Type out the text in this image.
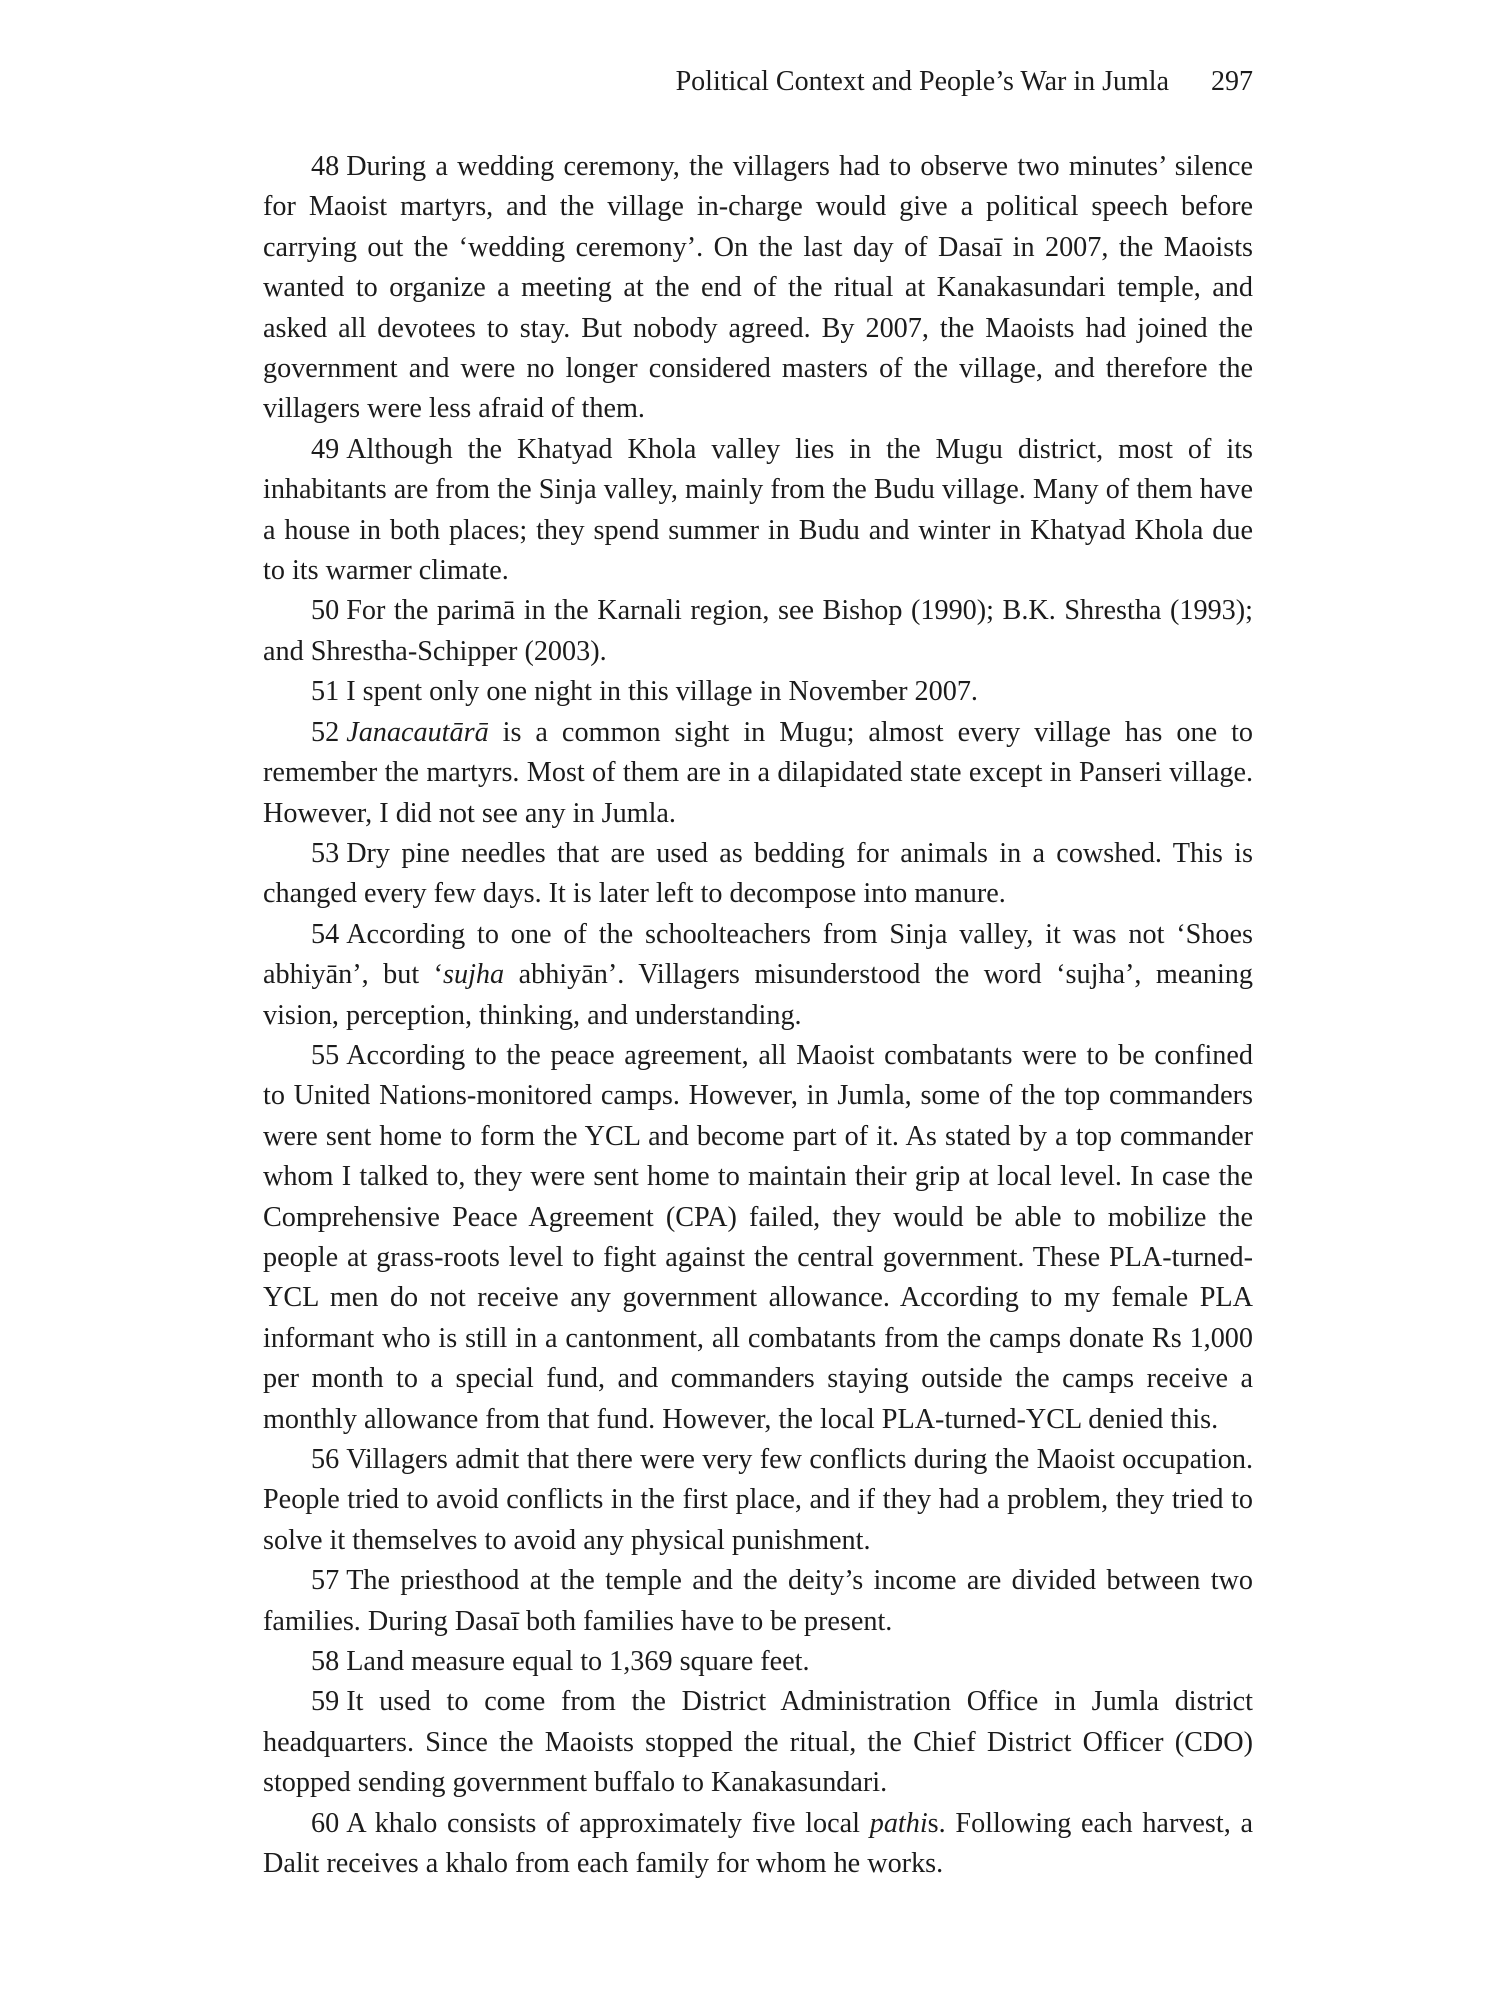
Political Context and People’s War in Jumla 297

48 During a wedding ceremony, the villagers had to observe two minutes’ silence for Maoist martyrs, and the village in-charge would give a political speech before carrying out the ‘wedding ceremony’. On the last day of Dasaī in 2007, the Maoists wanted to organize a meeting at the end of the ritual at Kanakasundari temple, and asked all devotees to stay. But nobody agreed. By 2007, the Maoists had joined the government and were no longer considered masters of the village, and therefore the villagers were less afraid of them.

49 Although the Khatyad Khola valley lies in the Mugu district, most of its inhabitants are from the Sinja valley, mainly from the Budu village. Many of them have a house in both places; they spend summer in Budu and winter in Khatyad Khola due to its warmer climate.

50 For the parimā in the Karnali region, see Bishop (1990); B.K. Shrestha (1993); and Shrestha-Schipper (2003).

51 I spent only one night in this village in November 2007.

52 Janacautārā is a common sight in Mugu; almost every village has one to remember the martyrs. Most of them are in a dilapidated state except in Panseri village. However, I did not see any in Jumla.

53 Dry pine needles that are used as bedding for animals in a cowshed. This is changed every few days. It is later left to decompose into manure.

54 According to one of the schoolteachers from Sinja valley, it was not ‘Shoes abhiyān’, but ‘sujha abhiyān’. Villagers misunderstood the word ‘sujha’, meaning vision, perception, thinking, and understanding.

55 According to the peace agreement, all Maoist combatants were to be confined to United Nations-monitored camps. However, in Jumla, some of the top commanders were sent home to form the YCL and become part of it. As stated by a top commander whom I talked to, they were sent home to maintain their grip at local level. In case the Comprehensive Peace Agreement (CPA) failed, they would be able to mobilize the people at grass-roots level to fight against the central government. These PLA-turned-YCL men do not receive any government allowance. According to my female PLA informant who is still in a cantonment, all combatants from the camps donate Rs 1,000 per month to a special fund, and commanders staying outside the camps receive a monthly allowance from that fund. However, the local PLA-turned-YCL denied this.

56 Villagers admit that there were very few conflicts during the Maoist occupation. People tried to avoid conflicts in the first place, and if they had a problem, they tried to solve it themselves to avoid any physical punishment.

57 The priesthood at the temple and the deity’s income are divided between two families. During Dasaī both families have to be present.

58 Land measure equal to 1,369 square feet.

59 It used to come from the District Administration Office in Jumla district headquarters. Since the Maoists stopped the ritual, the Chief District Officer (CDO) stopped sending government buffalo to Kanakasundari.

60 A khalo consists of approximately five local pathis. Following each harvest, a Dalit receives a khalo from each family for whom he works.
